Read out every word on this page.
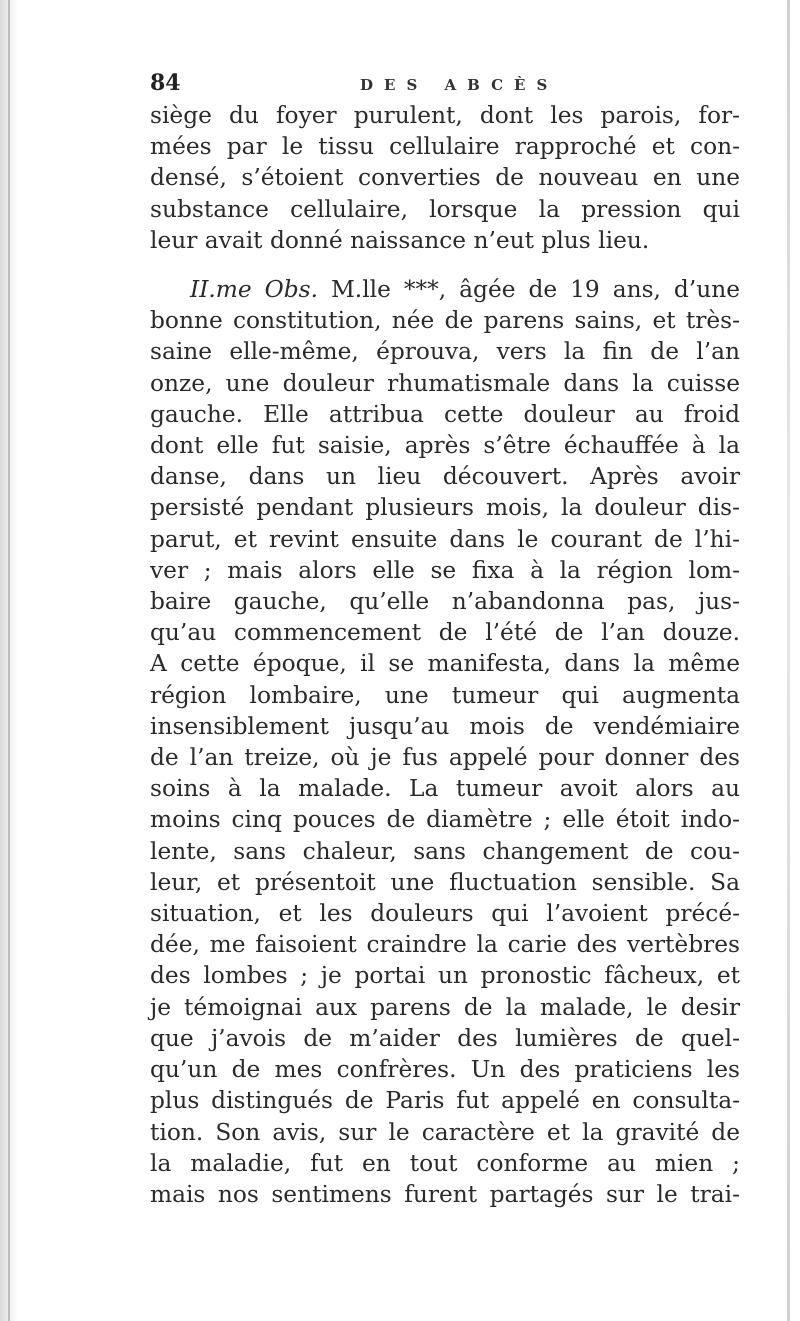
84	DES ABCÈS
siège du foyer purulent, dont les parois, for-
mées par le tissu cellulaire rapproché et con-
densé, s’étoient converties de nouveau en une
substance cellulaire, lorsque la pression qui
leur avait donné naissance n’eut plus lieu.
II.me Obs. M.lle ***, âgée de 19 ans, d’une
bonne constitution, née de parens sains, et très-
saine elle-même, éprouva, vers la fin de l’an
onze, une douleur rhumatismale dans la cuisse
gauche. Elle attribua cette douleur au froid
dont elle fut saisie, après s’être échauffée à la
danse, dans un lieu découvert. Après avoir
persisté pendant plusieurs mois, la douleur dis-
parut, et revint ensuite dans le courant de l’hi-
ver ; mais alors elle se fixa à la région lom-
baire gauche, qu’elle n’abandonna pas, jus-
qu’au commencement de l’été de l’an douze.
A cette époque, il se manifesta, dans la même
région lombaire, une tumeur qui augmenta
insensiblement jusqu’au mois de vendémiaire
de l’an treize, où je fus appelé pour donner des
soins à la malade. La tumeur avoit alors au
moins cinq pouces de diamètre ; elle étoit indo-
lente, sans chaleur, sans changement de cou-
leur, et présentoit une fluctuation sensible. Sa
situation, et les douleurs qui l’avoient précé-
dée, me faisoient craindre la carie des vertèbres
des lombes ; je portai un pronostic fâcheux, et
je témoignai aux parens de la malade, le desir
que j’avois de m’aider des lumières de quel-
qu’un de mes confrères. Un des praticiens les
plus distingués de Paris fut appelé en consulta-
tion. Son avis, sur le caractère et la gravité de
la maladie, fut en tout conforme au mien ;
mais nos sentimens furent partagés sur le trai-
